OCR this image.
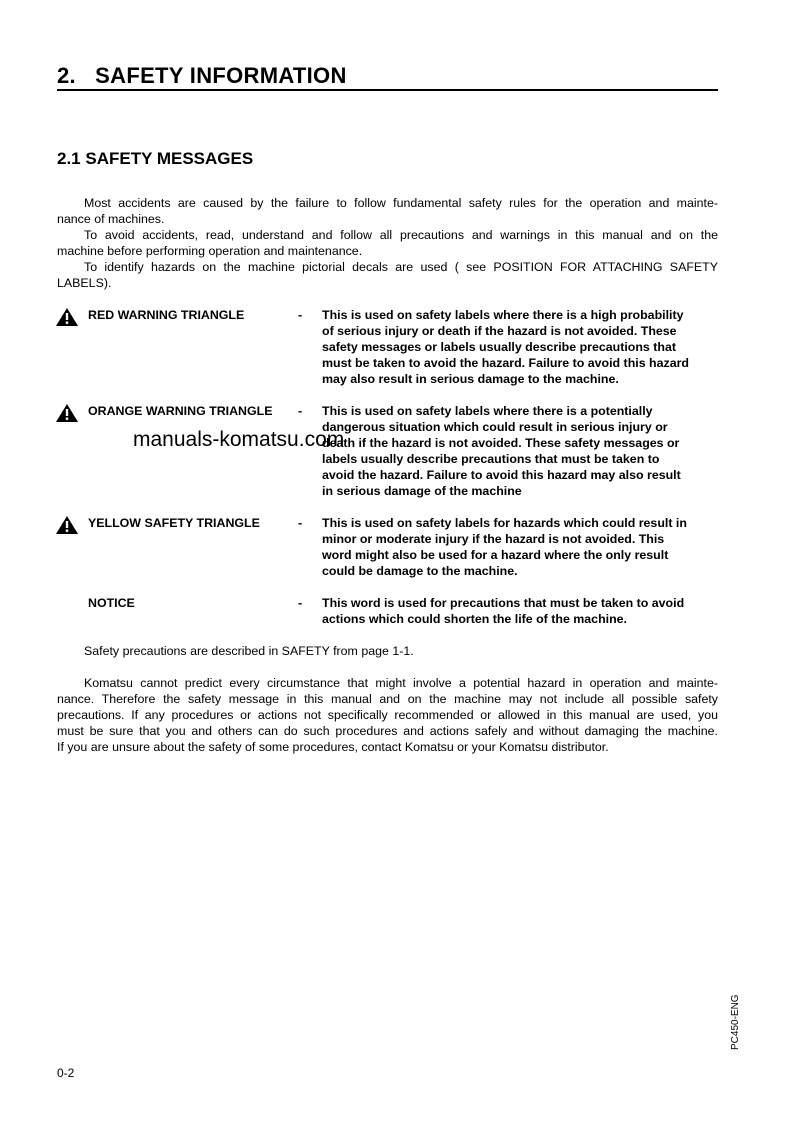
2.   SAFETY INFORMATION
2.1 SAFETY MESSAGES
Most accidents are caused by the failure to follow fundamental safety rules for the operation and mainte-
nance of machines.
To avoid accidents, read, understand and follow all precautions and warnings in this manual and on the
machine before performing operation and maintenance.
To identify hazards on the machine pictorial decals are used ( see POSITION FOR ATTACHING SAFETY
LABELS).
Safety precautions are described in SAFETY from page 1-1.
Komatsu cannot predict every circumstance that might involve a potential hazard in operation and mainte-
nance. Therefore the safety message in this manual and on the machine may not include all possible safety
precautions. If any procedures or actions not specifically recommended or allowed in this manual are used, you
must be sure that you and others can do such procedures and actions safely and without damaging the machine.
If you are unsure about the safety of some procedures, contact Komatsu or your Komatsu distributor.
manuals-komatsu.com
0-2
PC450-ENG
RED WARNING TRIANGLE	- This is used on safety labels where there is a high probability
of serious injury or death if the hazard is not avoided. These
safety messages or labels usually describe precautions that
must be taken to avoid the hazard. Failure to avoid this hazard
may also result in serious damage to the machine.
ORANGE WARNING TRIANGLE - This is used on safety labels where there is a potentially
dangerous situation which could result in serious injury or
death if the hazard is not avoided. These safety messages or
labels usually describe precautions that must be taken to
avoid the hazard. Failure to avoid this hazard may also result
in serious damage of the machine
YELLOW SAFETY TRIANGLE	- This is used on safety labels for hazards which could result in
minor or moderate injury if the hazard is not avoided. This
word might also be used for a hazard where the only result
could be damage to the machine.
NOTICE	- This word is used for precautions that must be taken to avoid
actions which could shorten the life of the machine.
